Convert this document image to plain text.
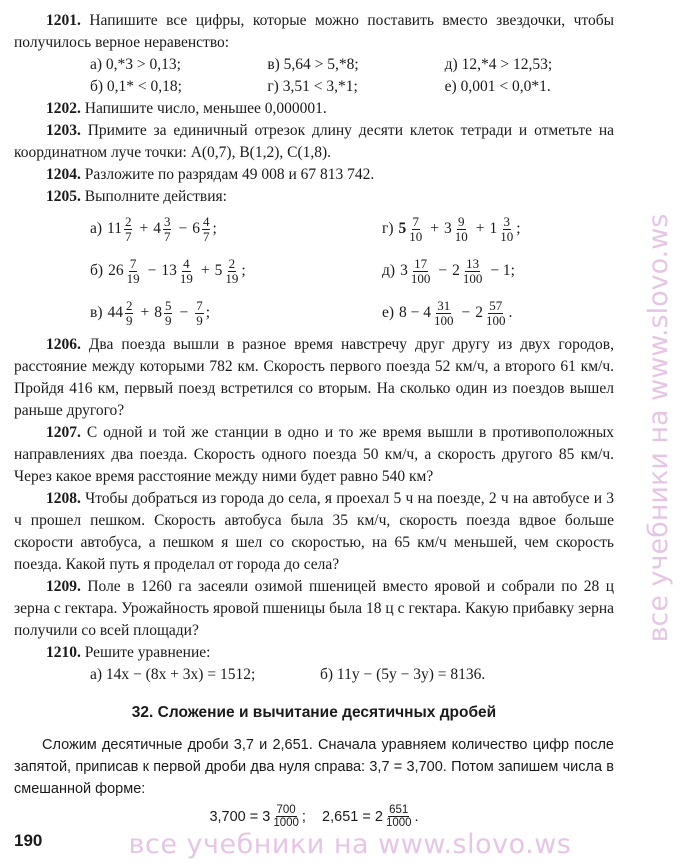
1201. Напишите все цифры, которые можно поставить вместо звездочки, чтобы получилось верное неравенство:

а) 0,*3 > 0,13;	в) 5,64 > 5,*8;	д) 12,*4 > 12,53;
б) 0,1* < 0,18;	г) 3,51 < 3,*1;	е) 0,001 < 0,0*1.

1202. Напишите число, меньшее 0,000001.

1203. Примите за единичный отрезок длину десяти клеток тетради и отметьте на координатном луче точки: A(0,7), B(1,2), C(1,8).

1204. Разложите по разрядам 49 008 и 67 813 742.

1205. Выполните действия:

а) $11 \frac{2}{7} + 4 \frac{3}{7} - 6 \frac{4}{7}$ ;	г) $5 \frac{7}{10} + 3 \frac{9}{10} + 1 \frac{3}{10}$ ;
б) $26 \frac{7}{19} - 13 \frac{4}{19} + 5 \frac{2}{19}$ ;	д) $3 \frac{17}{100} - 2 \frac{13}{100} - 1$;
в) $44 \frac{2}{9} + 8 \frac{5}{9} - \frac{7}{9}$ ;	е) $8 - 4 \frac{31}{100} - 2 \frac{57}{100}$ .

1206. Два поезда вышли в разное время навстречу друг другу из двух городов, расстояние между которыми 782 км. Скорость первого поезда 52 км/ч, а второго 61 км/ч. Пройдя 416 км, первый поезд встретился со вторым. На сколько один из поездов вышел раньше другого?

1207. С одной и той же станции в одно и то же время вышли в противоположных направлениях два поезда. Скорость одного поезда 50 км/ч, а скорость другого 85 км/ч. Через какое время расстояние между ними будет равно 540 км?

1208. Чтобы добраться из города до села, я проехал 5 ч на поезде, 2 ч на автобусе и 3 ч прошел пешком. Скорость автобуса была 35 км/ч, скорость поезда вдвое больше скорости автобуса, а пешком я шел со скоростью, на 65 км/ч меньшей, чем скорость поезда. Какой путь я проделал от города до села?

1209. Поле в 1260 га засеяли озимой пшеницей вместо яровой и собрали по 28 ц зерна с гектара. Урожайность яровой пшеницы была 18 ц с гектара. Какую прибавку зерна получили со всей площади?

1210. Решите уравнение:

а) 14x − (8x + 3x) = 1512;	б) 11y − (5y − 3y) = 8136.
32. Сложение и вычитание десятичных дробей

Сложим десятичные дроби 3,7 и 2,651. Сначала уравняем количество цифр после запятой, приписав к первой дроби два нуля справа: 3,7 = 3,700. Потом запишем числа в смешанной форме:

$3,700 = 3 \frac{700}{1000}$ ;    $2,651 = 2 \frac{651}{1000}$ .
190	все учебники на www.slovo.ws
все учебники на www.slovo.ws
